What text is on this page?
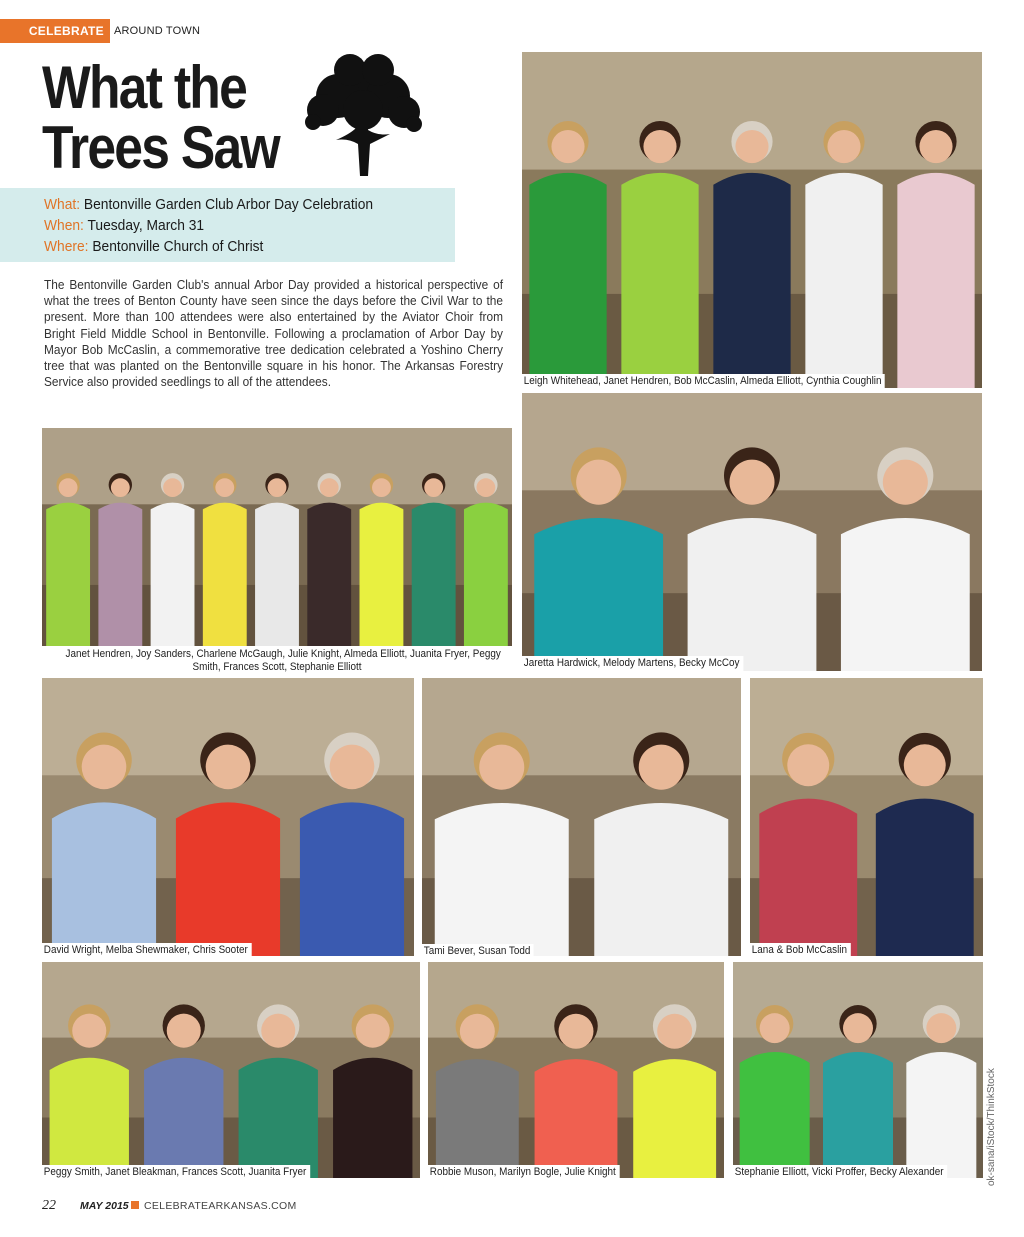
CELEBRATE AROUND TOWN
What the
Trees Saw
What: Bentonville Garden Club Arbor Day Celebration
When: Tuesday, March 31
Where: Bentonville Church of Christ
The Bentonville Garden Club's annual Arbor Day provided a historical perspective of what the trees of Benton County have seen since the days before the Civil War to the present. More than 100 attendees were also entertained by the Aviator Choir from Bright Field Middle School in Bentonville. Following a proclamation of Arbor Day by Mayor Bob McCaslin, a commemorative tree dedication celebrated a Yoshino Cherry tree that was planted on the Bentonville square in his honor. The Arkansas Forestry Service also provided seedlings to all of the attendees.	Leigh Whitehead, Janet Hendren, Bob McCaslin, Almeda Elliott, Cynthia Coughlin
Janet Hendren, Joy Sanders, Charlene McGaugh, Julie Knight, Almeda Elliott, Juanita Fryer, Peggy
Smith, Frances Scott, Stephanie Elliott	Jaretta Hardwick, Melody Martens, Becky McCoy
David Wright, Melba Shewmaker, Chris Sooter	Tami Bever, Susan Todd	Lana & Bob McCaslin
Peggy Smith, Janet Bleakman, Frances Scott, Juanita Fryer	Robbie Muson, Marilyn Bogle, Julie Knight	Stephanie Elliott, Vicki Proffer, Becky Alexander
22 MAY 2015 CELEBRATEARKANSAS.COM
ok-sana/iStock/ThinkStock
